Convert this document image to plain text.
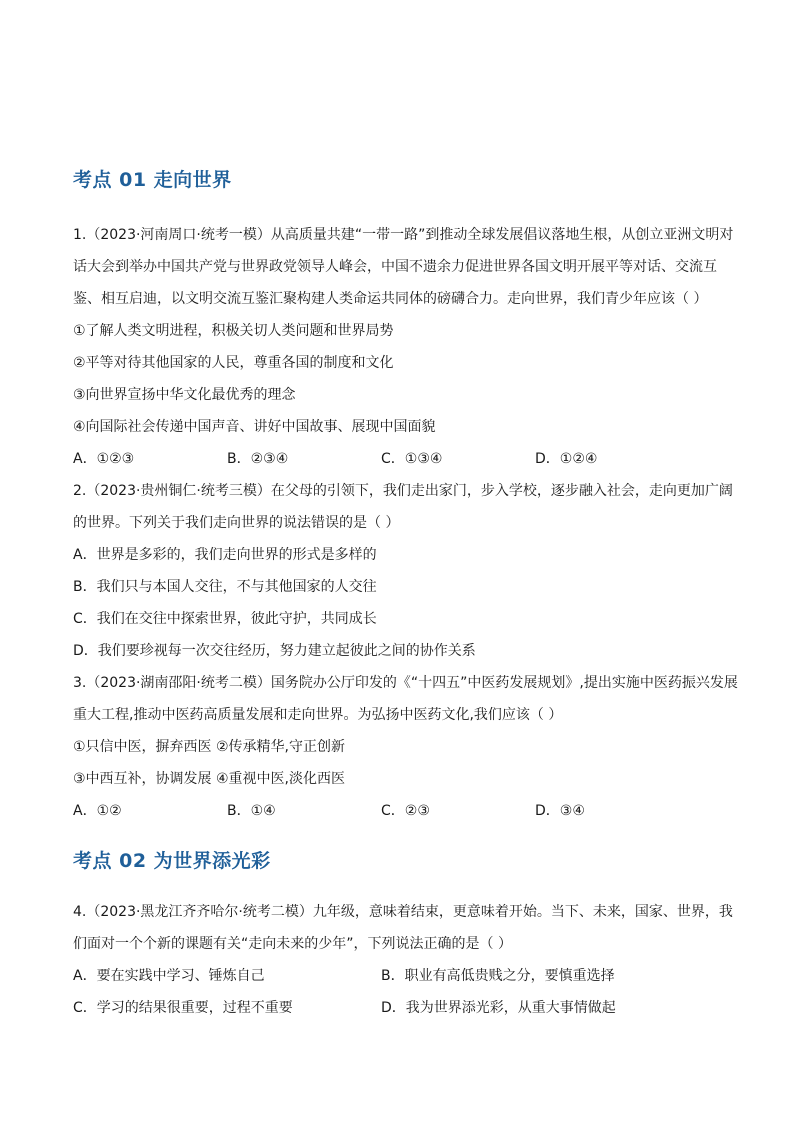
考点 01 走向世界
1.（2023·河南周口·统考一模）从高质量共建“一带一路”到推动全球发展倡议落地生根，从创立亚洲文明对
话大会到举办中国共产党与世界政党领导人峰会，中国不遗余力促进世界各国文明开展平等对话、交流互
鉴、相互启迪，以文明交流互鉴汇聚构建人类命运共同体的磅礴合力。走向世界，我们青少年应该（ ）
①了解人类文明进程，积极关切人类问题和世界局势
②平等对待其他国家的人民，尊重各国的制度和文化
③向世界宣扬中华文化最优秀的理念
④向国际社会传递中国声音、讲好中国故事、展现中国面貌
A．①②③	B．②③④	C．①③④	D．①②④
2.（2023·贵州铜仁·统考三模）在父母的引领下，我们走出家门，步入学校，逐步融入社会，走向更加广阔
的世界。下列关于我们走向世界的说法错误的是（ ）
A．世界是多彩的，我们走向世界的形式是多样的
B．我们只与本国人交往，不与其他国家的人交往
C．我们在交往中探索世界，彼此守护，共同成长
D．我们要珍视每一次交往经历，努力建立起彼此之间的协作关系
3.（2023·湖南邵阳·统考二模）国务院办公厅印发的《“十四五”中医药发展规划》,提出实施中医药振兴发展
重大工程,推动中医药高质量发展和走向世界。为弘扬中医药文化,我们应该（ ）
①只信中医，摒弃西医 ②传承精华,守正创新
③中西互补，协调发展 ④重视中医,淡化西医
A．①②	B．①④	C．②③	D．③④
考点 02 为世界添光彩
4.（2023·黑龙江齐齐哈尔·统考二模）九年级，意味着结束，更意味着开始。当下、未来，国家、世界，我
们面对一个个新的课题有关“走向未来的少年”，下列说法正确的是（ ）
A．要在实践中学习、锤炼自己	B．职业有高低贵贱之分，要慎重选择
C．学习的结果很重要，过程不重要	D．我为世界添光彩，从重大事情做起
